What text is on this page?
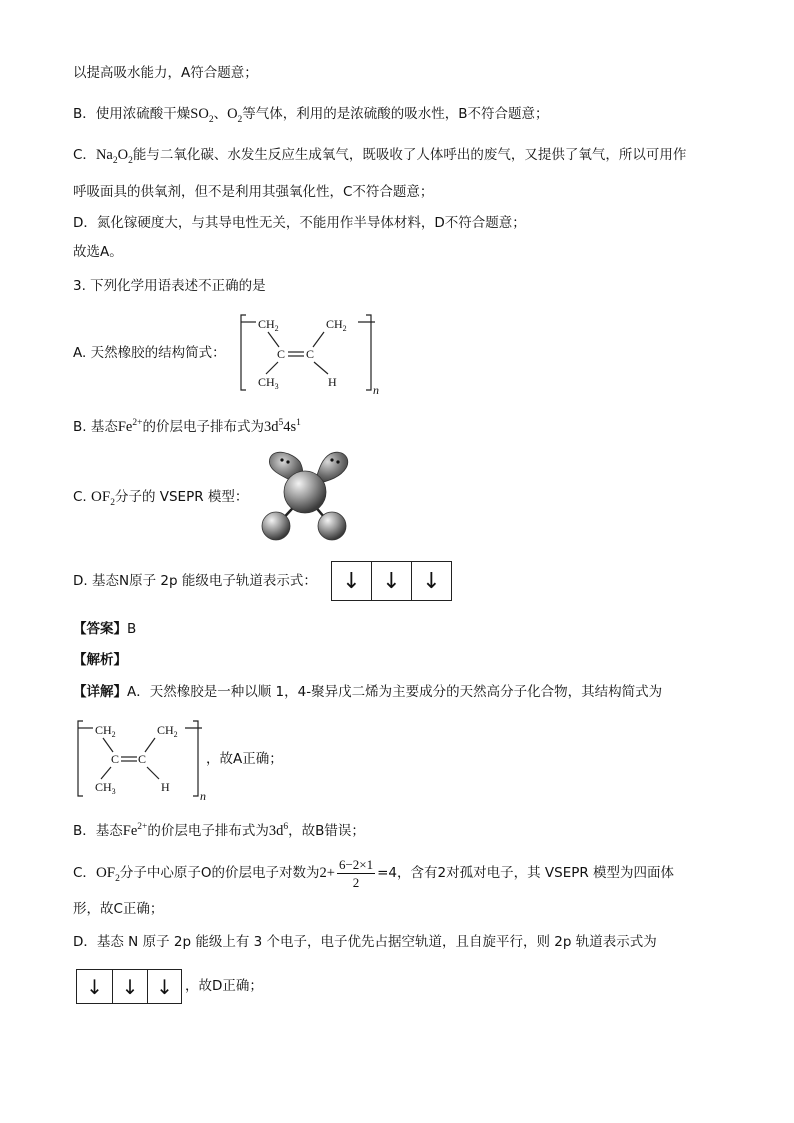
以提高吸水能力，A符合题意；
B．使用浓硫酸干燥$SO_2$、$O_2$等气体，利用的是浓硫酸的吸水性，B不符合题意；
C．$Na_2O_2$能与二氧化碳、水发生反应生成氧气，既吸收了人体呼出的废气，又提供了氧气，所以可用作
呼吸面具的供氧剂，但不是利用其强氧化性，C不符合题意；
D．氮化镓硬度大，与其导电性无关，不能用作半导体材料，D不符合题意；
故选A。
3. 下列化学用语表述不正确的是
A. 天然橡胶的结构简式：
$CH_2$	$CH_2$
C C
$CH_3$	H
n
B. 基态$Fe^{2+}$的价层电子排布式为$3d^54s^1$
C. $OF_2$分子的 VSEPR 模型：
D. 基态N原子 2p 能级电子轨道表示式： ↓ ↓ ↓
【答案】B
【解析】
【详解】A．天然橡胶是一种以顺 1，4-聚异戊二烯为主要成分的天然高分子化合物，其结构简式为
$CH_2$	$CH_2$
C C
$CH_3$	H
n
，故A正确；
B．基态$Fe^{2+}$的价层电子排布式为$3d^6$，故B错误；
C．$OF_2$分子中心原子O的价层电子对数为$2+ \frac{6-2\times 1}{2} =4$，含有2对孤对电子，其 VSEPR 模型为四面体
形，故C正确；
D．基态 N 原子 2p 能级上有 3 个电子，电子优先占据空轨道，且自旋平行，则 2p 轨道表示式为
↓ ↓ ↓ ，故D正确；
